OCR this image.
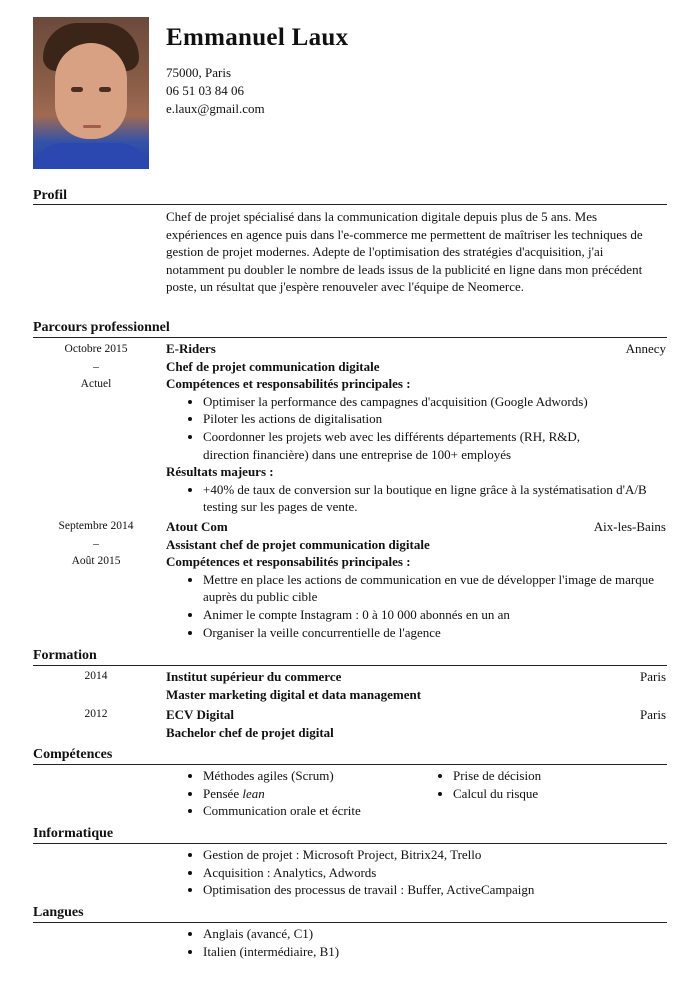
Emmanuel Laux
75000, Paris
06 51 03 84 06
e.laux@gmail.com
Profil
Chef de projet spécialisé dans la communication digitale depuis plus de 5 ans. Mes expériences en agence puis dans l'e-commerce me permettent de maîtriser les techniques de gestion de projet modernes. Adepte de l'optimisation des stratégies d'acquisition, j'ai notamment pu doubler le nombre de leads issus de la publicité en ligne dans mon précédent poste, un résultat que j'espère renouveler avec l'équipe de Neomerce.
Parcours professionnel
Octobre 2015
–
Actuel
E-Riders	Annecy
Chef de projet communication digitale
Compétences et responsabilités principales :
• Optimiser la performance des campagnes d'acquisition (Google Adwords)
• Piloter les actions de digitalisation
• Coordonner les projets web avec les différents départements (RH, R&D, direction financière) dans une entreprise de 100+ employés
Résultats majeurs :
• +40% de taux de conversion sur la boutique en ligne grâce à la systématisation d'A/B testing sur les pages de vente.
Septembre 2014
–
Août 2015
Atout Com	Aix-les-Bains
Assistant chef de projet communication digitale
Compétences et responsabilités principales :
• Mettre en place les actions de communication en vue de développer l'image de marque auprès du public cible
• Animer le compte Instagram : 0 à 10 000 abonnés en un an
• Organiser la veille concurrentielle de l'agence
Formation
2014	Institut supérieur du commerce	Paris
Master marketing digital et data management
2012	ECV Digital	Paris
Bachelor chef de projet digital
Compétences
• Méthodes agiles (Scrum)
• Pensée lean
• Communication orale et écrite
• Prise de décision
• Calcul du risque
Informatique
• Gestion de projet : Microsoft Project, Bitrix24, Trello
• Acquisition : Analytics, Adwords
• Optimisation des processus de travail : Buffer, ActiveCampaign
Langues
• Anglais (avancé, C1)
• Italien (intermédiaire, B1)
